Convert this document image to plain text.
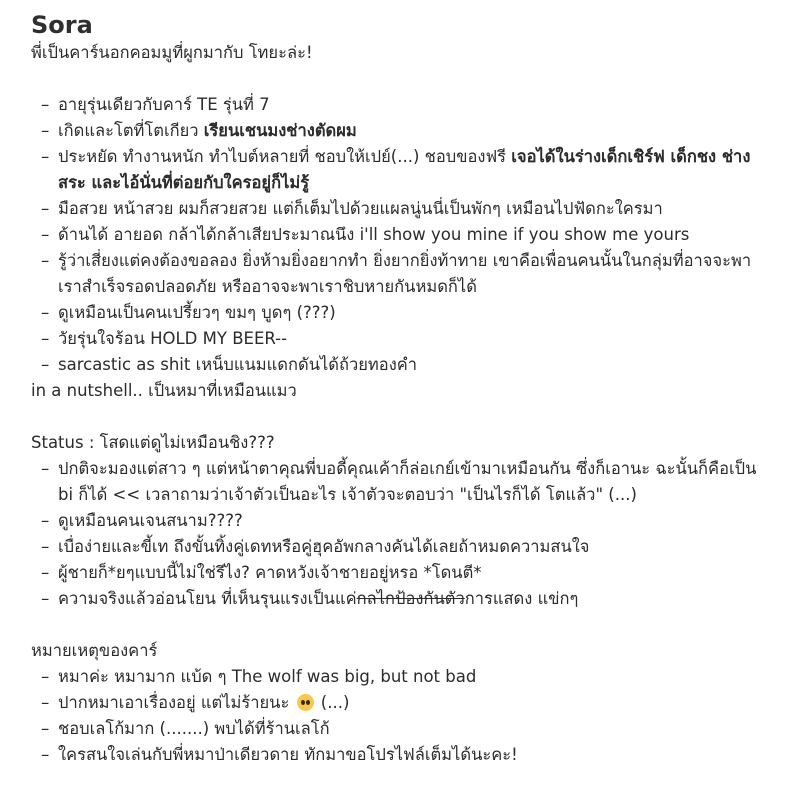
Sora

พี่เป็นคาร์นอกคอมมูที่ผูกมากับ โทยะล่ะ!

– อายุรุ่นเดียวกับคาร์ TE รุ่นที่ 7
– เกิดและโตที่โตเกียว เรียนเชนมงช่างตัดผม
– ประหยัด ทำงานหนัก ทำไบต์หลายที่ ชอบให้เปย์(...) ชอบของฟรี เจอได้ในร่างเด็กเชิร์ฟ เด็กชง ช่างสระ และไอ้นั่นที่ต่อยกับใครอยู่ก็ไม่รู้
– มือสวย หน้าสวย ผมก็สวยสวย แต่ก็เต็มไปด้วยแผลนู่นนี่เป็นพักๆ เหมือนไปฟัดกะใครมา
– ด้านได้ อายอด กล้าได้กล้าเสียประมาณนึง i'll show you mine if you show me yours
– รู้ว่าเสี่ยงแต่คงต้องขอลอง ยิ่งห้ามยิ่งอยากทำ ยิ่งยากยิ่งท้าทาย เขาคือเพื่อนคนนั้นในกลุ่มที่อาจจะพาเราสำเร็จรอดปลอดภัย หรืออาจจะพาเราชิบหายกันหมดก็ได้
– ดูเหมือนเป็นคนเปรี้ยวๆ ขมๆ บูดๆ (???)
– วัยรุ่นใจร้อน HOLD MY BEER--
– sarcastic as shit เหน็บแนมแดกดันได้ถ้วยทองคำ

in a nutshell.. เป็นหมาที่เหมือนแมว

Status : โสดแต่ดูไม่เหมือนชิง???

– ปกติจะมองแต่สาว ๆ แต่หน้าตาคุณพี่บอดี้คุณเค้าก็ล่อเกย์เข้ามาเหมือนกัน ซึ่งก็เอานะ ฉะนั้นก็คือเป็น bi ก็ได้ << เวลาถามว่าเจ้าตัวเป็นอะไร เจ้าตัวจะตอบว่า "เป็นไรก็ได้ โตแล้ว" (...)
– ดูเหมือนคนเจนสนาม????
– เบื่อง่ายและขี้เท ถึงขั้นทิ้งคู่เดทหรือคู่ฮุคอัพกลางคันได้เลยถ้าหมดความสนใจ
– ผู้ชายก็*ยๆแบบนี้ไม่ใช่รึไง? คาดหวังเจ้าชายอยู่หรอ *โดนตี*
– ความจริงแล้วอ่อนโยน ที่เห็นรุนแรงเป็นแค่กลไกป้องกันตัวการแสดง แข่กๆ

หมายเหตุของคาร์

– หมาค่ะ หมามาก แบ้ด ๆ The wolf was big, but not bad
– ปากหมาเอาเรื่องอยู่ แต่ไม่ร้ายนะ  (...)
– ชอบเลโก้มาก (.......) พบได้ที่ร้านเลโก้
– ใครสนใจเล่นกับพี่หมาป่าเดียวดาย ทักมาขอโปรไฟล์เต็มได้นะคะ!
